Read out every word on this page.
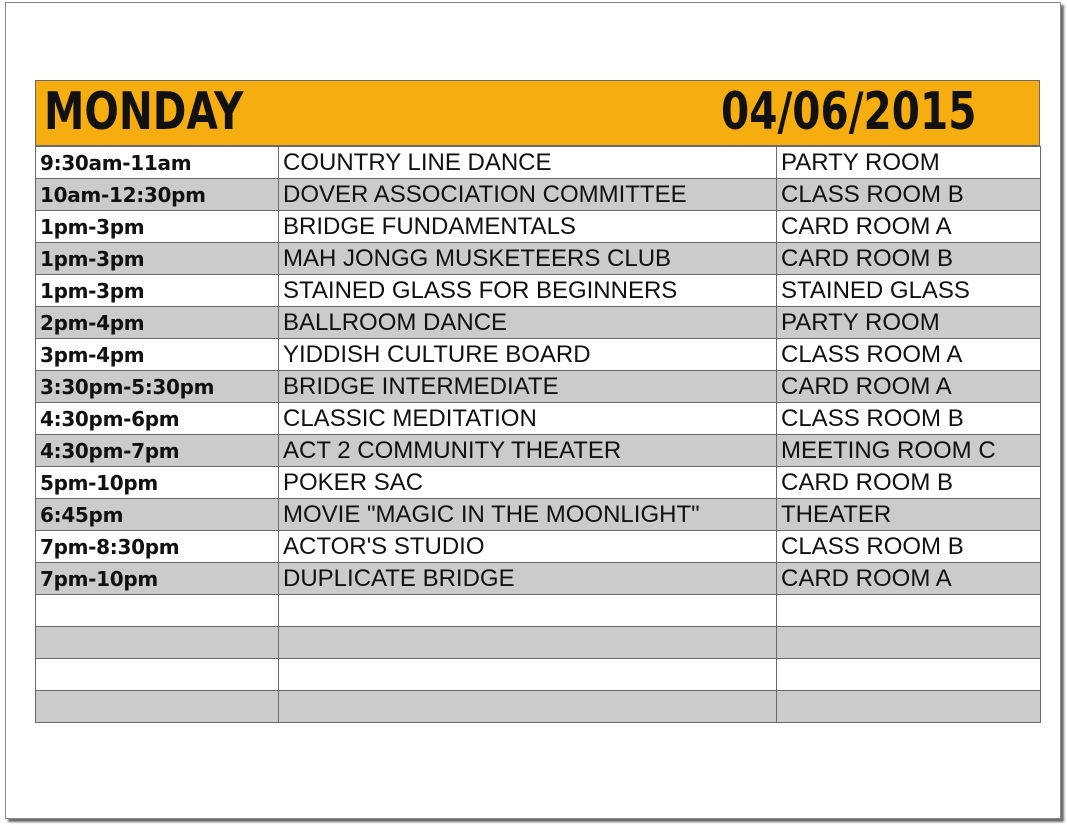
MONDAY	04/06/2015
9:30am-11am	COUNTRY LINE DANCE	PARTY ROOM
10am-12:30pm	DOVER ASSOCIATION COMMITTEE	CLASS ROOM B
1pm-3pm	BRIDGE FUNDAMENTALS	CARD ROOM A
1pm-3pm	MAH JONGG MUSKETEERS CLUB	CARD ROOM B
1pm-3pm	STAINED GLASS FOR BEGINNERS	STAINED GLASS
2pm-4pm	BALLROOM DANCE	PARTY ROOM
3pm-4pm	YIDDISH CULTURE BOARD	CLASS ROOM A
3:30pm-5:30pm	BRIDGE INTERMEDIATE	CARD ROOM A
4:30pm-6pm	CLASSIC MEDITATION	CLASS ROOM B
4:30pm-7pm	ACT 2 COMMUNITY THEATER	MEETING ROOM C
5pm-10pm	POKER SAC	CARD ROOM B
6:45pm	MOVIE "MAGIC IN THE MOONLIGHT"	THEATER
7pm-8:30pm	ACTOR'S STUDIO	CLASS ROOM B
7pm-10pm	DUPLICATE BRIDGE	CARD ROOM A
